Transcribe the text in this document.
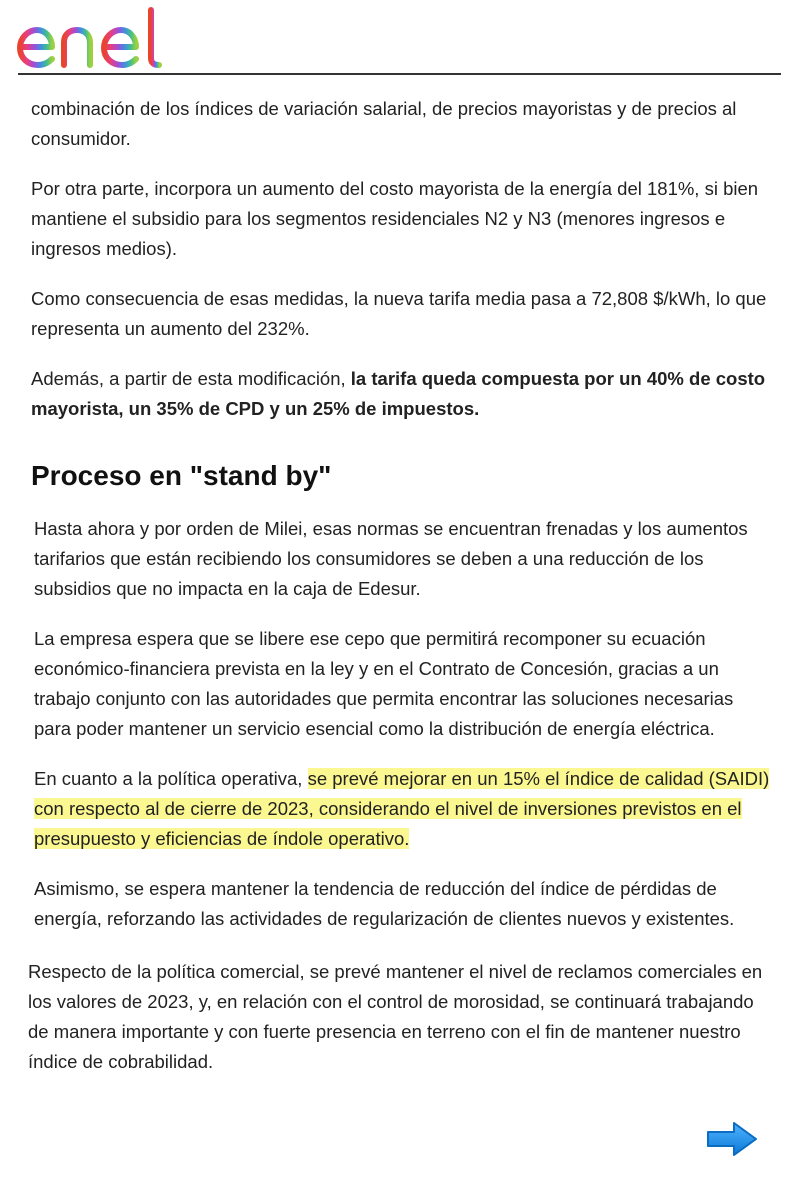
combinación de los índices de variación salarial, de precios mayoristas y de precios al consumidor.

Por otra parte, incorpora un aumento del costo mayorista de la energía del 181%, si bien mantiene el subsidio para los segmentos residenciales N2 y N3 (menores ingresos e ingresos medios).

Como consecuencia de esas medidas, la nueva tarifa media pasa a 72,808 $/kWh, lo que representa un aumento del 232%.

Además, a partir de esta modificación, la tarifa queda compuesta por un 40% de costo mayorista, un 35% de CPD y un 25% de impuestos.

Proceso en "stand by"

Hasta ahora y por orden de Milei, esas normas se encuentran frenadas y los aumentos tarifarios que están recibiendo los consumidores se deben a una reducción de los subsidios que no impacta en la caja de Edesur.

La empresa espera que se libere ese cepo que permitirá recomponer su ecuación económico-financiera prevista en la ley y en el Contrato de Concesión, gracias a un trabajo conjunto con las autoridades que permita encontrar las soluciones necesarias para poder mantener un servicio esencial como la distribución de energía eléctrica.

En cuanto a la política operativa, se prevé mejorar en un 15% el índice de calidad (SAIDI) con respecto al de cierre de 2023, considerando el nivel de inversiones previstos en el presupuesto y eficiencias de índole operativo.

Asimismo, se espera mantener la tendencia de reducción del índice de pérdidas de energía, reforzando las actividades de regularización de clientes nuevos y existentes.

Respecto de la política comercial, se prevé mantener el nivel de reclamos comerciales en los valores de 2023, y, en relación con el control de morosidad, se continuará trabajando de manera importante y con fuerte presencia en terreno con el fin de mantener nuestro índice de cobrabilidad.
